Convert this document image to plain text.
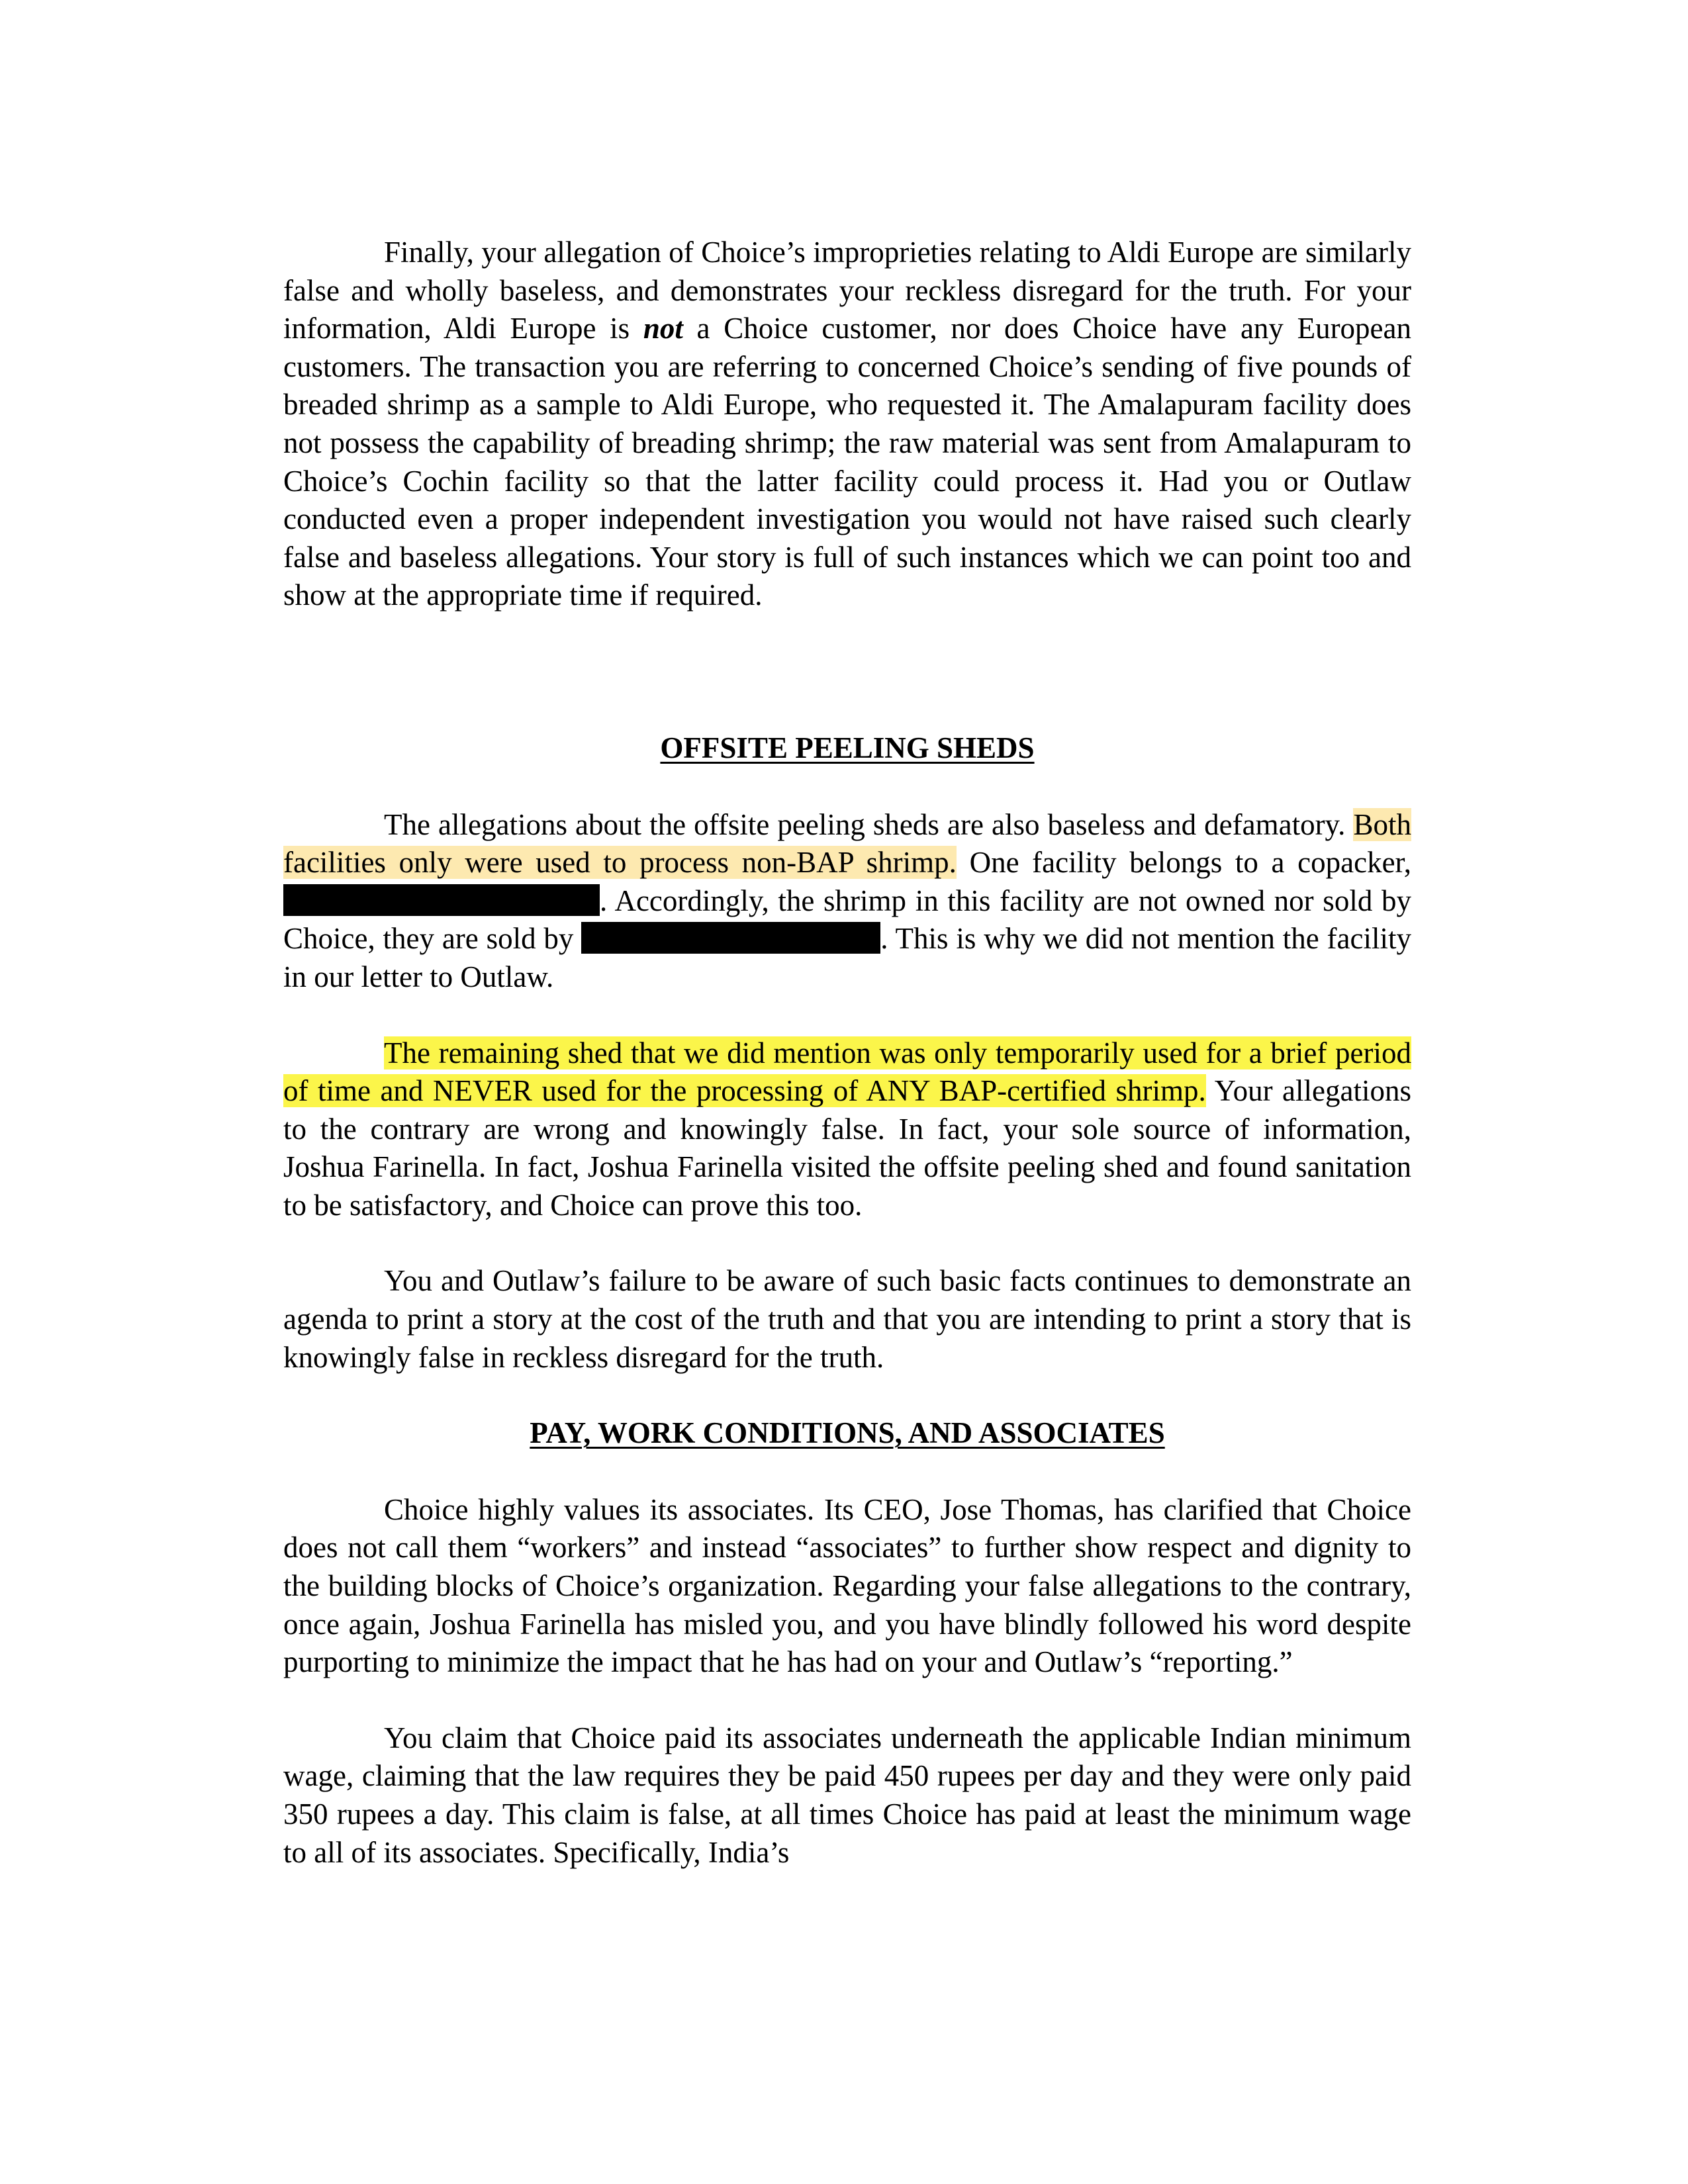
Finally, your allegation of Choice’s improprieties relating to Aldi Europe are similarly false and wholly baseless, and demonstrates your reckless disregard for the truth. For your information, Aldi Europe is not a Choice customer, nor does Choice have any European customers. The transaction you are referring to concerned Choice’s sending of five pounds of breaded shrimp as a sample to Aldi Europe, who requested it. The Amalapuram facility does not possess the capability of breading shrimp; the raw material was sent from Amalapuram to Choice’s Cochin facility so that the latter facility could process it. Had you or Outlaw conducted even a proper independent investigation you would not have raised such clearly false and baseless allegations. Your story is full of such instances which we can point too and show at the appropriate time if required.

OFFSITE PEELING SHEDS

The allegations about the offsite peeling sheds are also baseless and defamatory. Both facilities only were used to process non-BAP shrimp. One facility belongs to a copacker, . Accordingly, the shrimp in this facility are not owned nor sold by Choice, they are sold by	. This is why we did not mention the facility in our letter to Outlaw.

The remaining shed that we did mention was only temporarily used for a brief period of time and NEVER used for the processing of ANY BAP-certified shrimp. Your allegations to the contrary are wrong and knowingly false. In fact, your sole source of information, Joshua Farinella. In fact, Joshua Farinella visited the offsite peeling shed and found sanitation to be satisfactory, and Choice can prove this too.

You and Outlaw’s failure to be aware of such basic facts continues to demonstrate an agenda to print a story at the cost of the truth and that you are intending to print a story that is knowingly false in reckless disregard for the truth.

PAY, WORK CONDITIONS, AND ASSOCIATES

Choice highly values its associates. Its CEO, Jose Thomas, has clarified that Choice does not call them “workers” and instead “associates” to further show respect and dignity to the building blocks of Choice’s organization. Regarding your false allegations to the contrary, once again, Joshua Farinella has misled you, and you have blindly followed his word despite purporting to minimize the impact that he has had on your and Outlaw’s “reporting.”

You claim that Choice paid its associates underneath the applicable Indian minimum wage, claiming that the law requires they be paid 450 rupees per day and they were only paid 350 rupees a day. This claim is false, at all times Choice has paid at least the minimum wage to all of its associates. Specifically, India’s
